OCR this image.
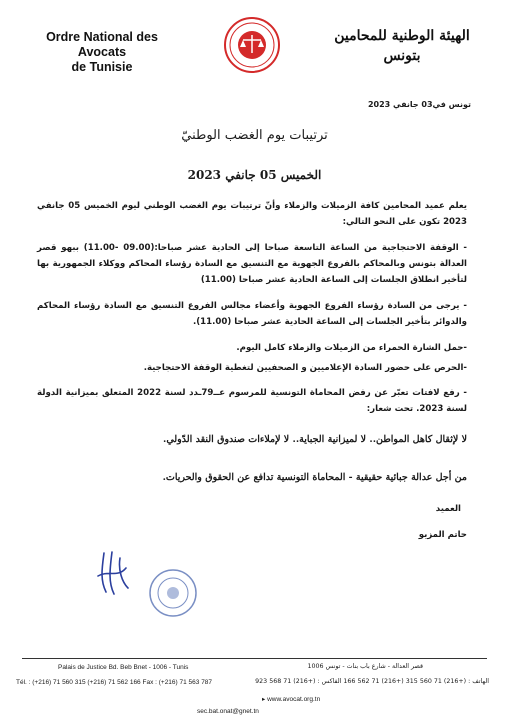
Ordre National des Avocats
de Tunisie
الهيئة الوطنية للمحامين
بتونس
تونس في03 جانفي 2023
ترتيبات يوم الغضب الوطنيّ
الخميس 05 جانفي 2023
يعلم عميد المحامين كافة الزميلات والزملاء وأنّ ترتيبات يوم الغضب الوطني ليوم الخميس 05 جانفي 2023 تكون على النحو التالي:
- الوقفة الاحتجاجية من الساعة التاسعة صباحا إلى الحادية عشر صباحا:(09.00 -11.00) ببهو قصر العدالة بتونس وبالمحاكم بالفروع الجهوية مع التنسيق مع السادة رؤساء المحاكم ووكلاء الجمهورية بها لتأخير انطلاق الجلسات إلى الساعة الحادية عشر صباحا (11.00)
- يرجى من السادة رؤساء الفروع الجهوية وأعضاء مجالس الفروع التنسيق مع السادة رؤساء المحاكم والدوائر بتأخير الجلسات إلى الساعة الحادية عشر صباحا (11.00).
-حمل الشارة الحمراء من الزميلات والزملاء كامل اليوم.
-الحرص على حضور السادة الإعلاميين و الصحفيين لتغطية الوقفة الاحتجاجية.
- رفع لافتات تعبّر عن رفض المحاماة التونسية للمرسوم عــ79ـدد لسنة 2022 المتعلق بميزانية الدولة لسنة 2023. تحت شعار:
لا لإثقال كاهل المواطن.. لا لميزانية الجباية.. لا لإملاءات صندوق النقد الدّولي.
من أجل عدالة جبائية حقيقية - المحاماة التونسية تدافع عن الحقوق والحريات.
العميد
حاتم المزيو
Palais de Justice Bd. Beb Bnet - 1006 - Tunis
Tél. : (+216) 71 560 315 (+216) 71 562 166 Fax : (+216) 71 563 787
قصر العدالة - شارع باب بنات - تونس 1006
الهاتف : (+216) 71 560 315 (+216) 71 562 166 الفاكس : (+216) 71 568 923
▸ www.avocat.org.tn
sec.bat.onat@gnet.tn
